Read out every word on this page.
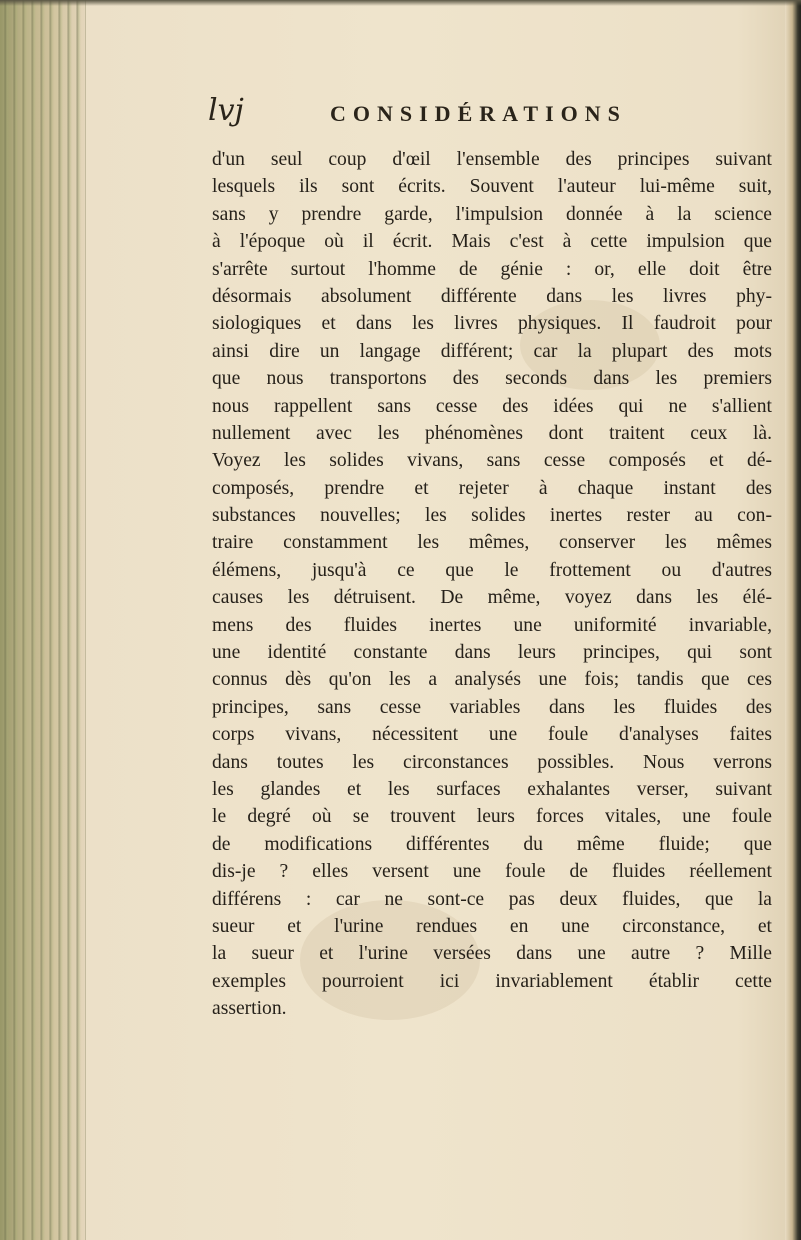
lvj	CONSIDÉRATIONS
d'un seul coup d'œil l'ensemble des principes suivant
lesquels ils sont écrits. Souvent l'auteur lui-même suit,
sans y prendre garde, l'impulsion donnée à la science
à l'époque où il écrit. Mais c'est à cette impulsion que
s'arrête surtout l'homme de génie : or, elle doit être
désormais absolument différente dans les livres phy-
siologiques et dans les livres physiques. Il faudroit pour
ainsi dire un langage différent; car la plupart des mots
que nous transportons des seconds dans les premiers
nous rappellent sans cesse des idées qui ne s'allient
nullement avec les phénomènes dont traitent ceux là.
Voyez les solides vivans, sans cesse composés et dé-
composés, prendre et rejeter à chaque instant des
substances nouvelles; les solides inertes rester au con-
traire constamment les mêmes, conserver les mêmes
élémens, jusqu'à ce que le frottement ou d'autres
causes les détruisent. De même, voyez dans les élé-
mens des fluides inertes une uniformité invariable,
une identité constante dans leurs principes, qui sont
connus dès qu'on les a analysés une fois; tandis que ces
principes, sans cesse variables dans les fluides des
corps vivans, nécessitent une foule d'analyses faites
dans toutes les circonstances possibles. Nous verrons
les glandes et les surfaces exhalantes verser, suivant
le degré où se trouvent leurs forces vitales, une foule
de modifications différentes du même fluide; que
dis-je ? elles versent une foule de fluides réellement
différens : car ne sont-ce pas deux fluides, que la
sueur et l'urine rendues en une circonstance, et
la sueur et l'urine versées dans une autre ? Mille
exemples pourroient ici invariablement établir cette
assertion.
